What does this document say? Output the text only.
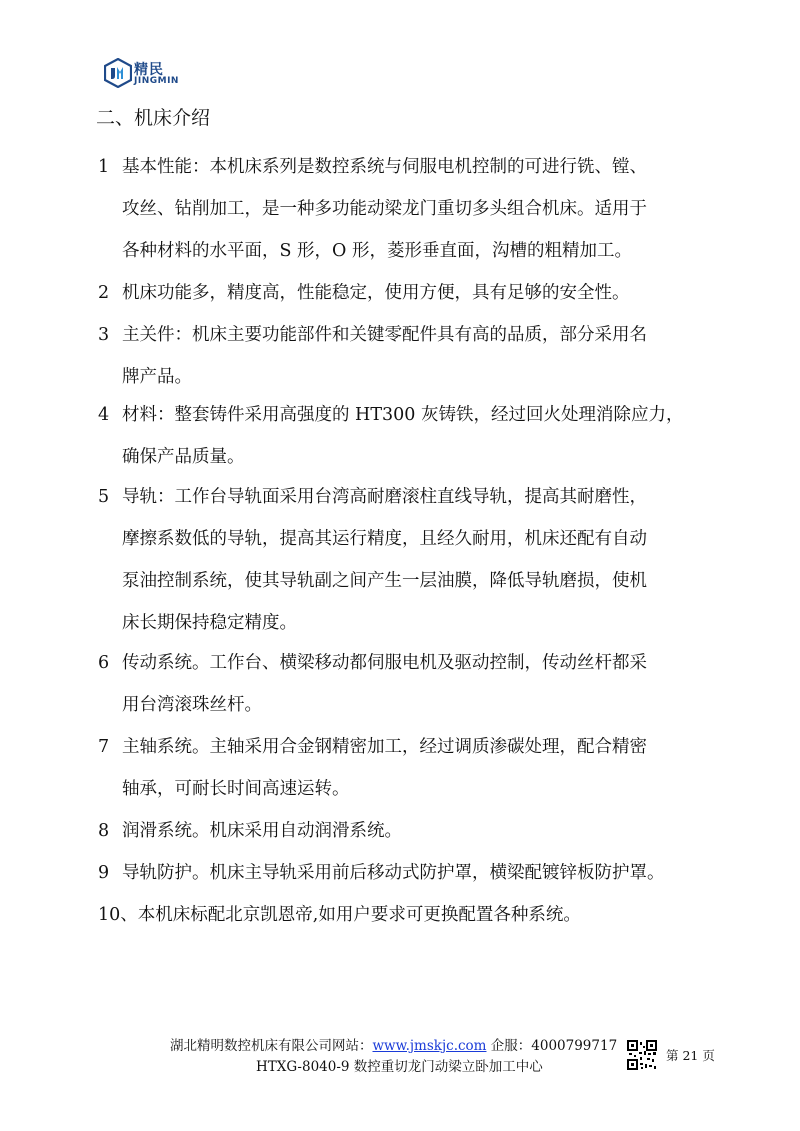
精民
JINGMIN
二、机床介绍
1 基本性能：本机床系列是数控系统与伺服电机控制的可进行铣、镗、
攻丝、钻削加工，是一种多功能动梁龙门重切多头组合机床。适用于
各种材料的水平面，S 形，O 形，菱形垂直面，沟槽的粗精加工。
2 机床功能多，精度高，性能稳定，使用方便，具有足够的安全性。
3 主关件：机床主要功能部件和关键零配件具有高的品质，部分采用名
牌产品。
4 材料：整套铸件采用高强度的 HT300 灰铸铁，经过回火处理消除应力，
确保产品质量。
5 导轨：工作台导轨面采用台湾高耐磨滚柱直线导轨，提高其耐磨性，
摩擦系数低的导轨，提高其运行精度，且经久耐用，机床还配有自动
泵油控制系统，使其导轨副之间产生一层油膜，降低导轨磨损，使机
床长期保持稳定精度。
6 传动系统。工作台、横梁移动都伺服电机及驱动控制，传动丝杆都采
用台湾滚珠丝杆。
7 主轴系统。主轴采用合金钢精密加工，经过调质渗碳处理，配合精密
轴承，可耐长时间高速运转。
8 润滑系统。机床采用自动润滑系统。
9 导轨防护。机床主导轨采用前后移动式防护罩，横梁配镀锌板防护罩。
10、本机床标配北京凯恩帝,如用户要求可更换配置各种系统。
湖北精明数控机床有限公司网站：www.jmskjc.com 企服：4000799717
HTXG-8040-9 数控重切龙门动梁立卧加工中心
第 21 页
